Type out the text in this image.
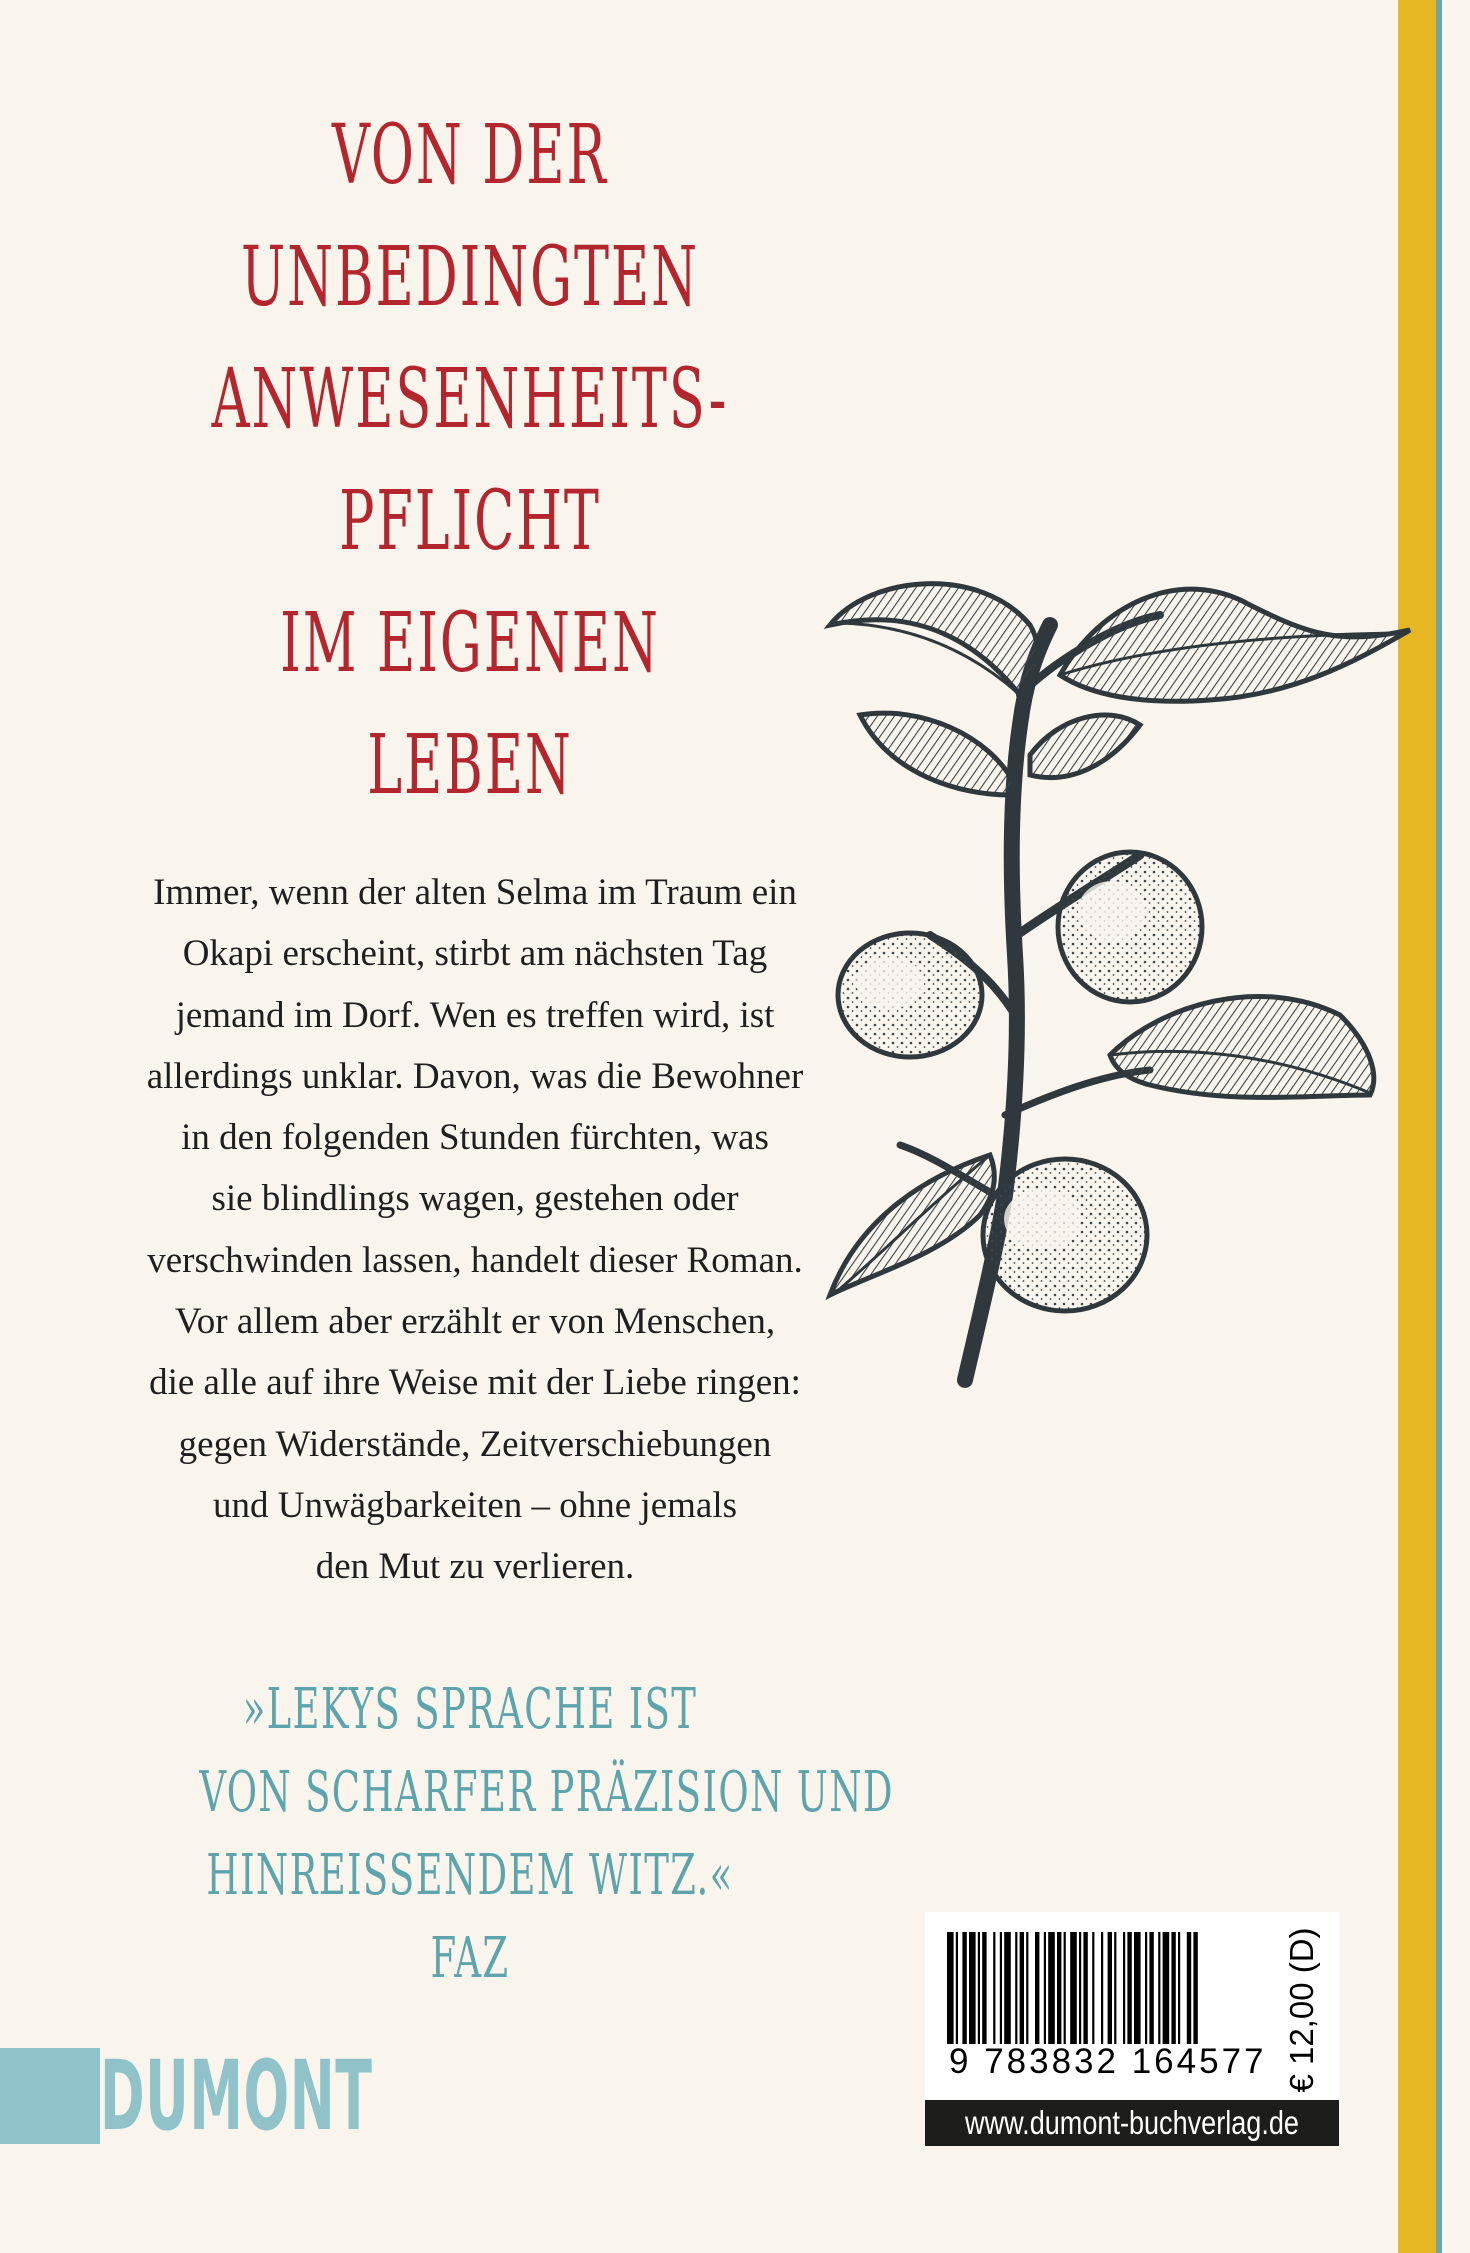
VON DER
UNBEDINGTEN
ANWESENHEITS-
PFLICHT
IM EIGENEN
LEBEN
Immer, wenn der alten Selma im Traum ein
Okapi erscheint, stirbt am nächsten Tag
jemand im Dorf. Wen es treffen wird, ist
allerdings unklar. Davon, was die Bewohner
in den folgenden Stunden fürchten, was
sie blindlings wagen, gestehen oder
verschwinden lassen, handelt dieser Roman.
Vor allem aber erzählt er von Menschen,
die alle auf ihre Weise mit der Liebe ringen:
gegen Widerstände, Zeitverschiebungen
und Unwägbarkeiten – ohne jemals
den Mut zu verlieren.
»LEKYS SPRACHE IST
VON SCHARFER PRÄZISION UND
HINREISSENDEM WITZ.«
FAZ
DUMONT	9 783832 164577 € 12,00 (D)
www.dumont-buchverlag.de
